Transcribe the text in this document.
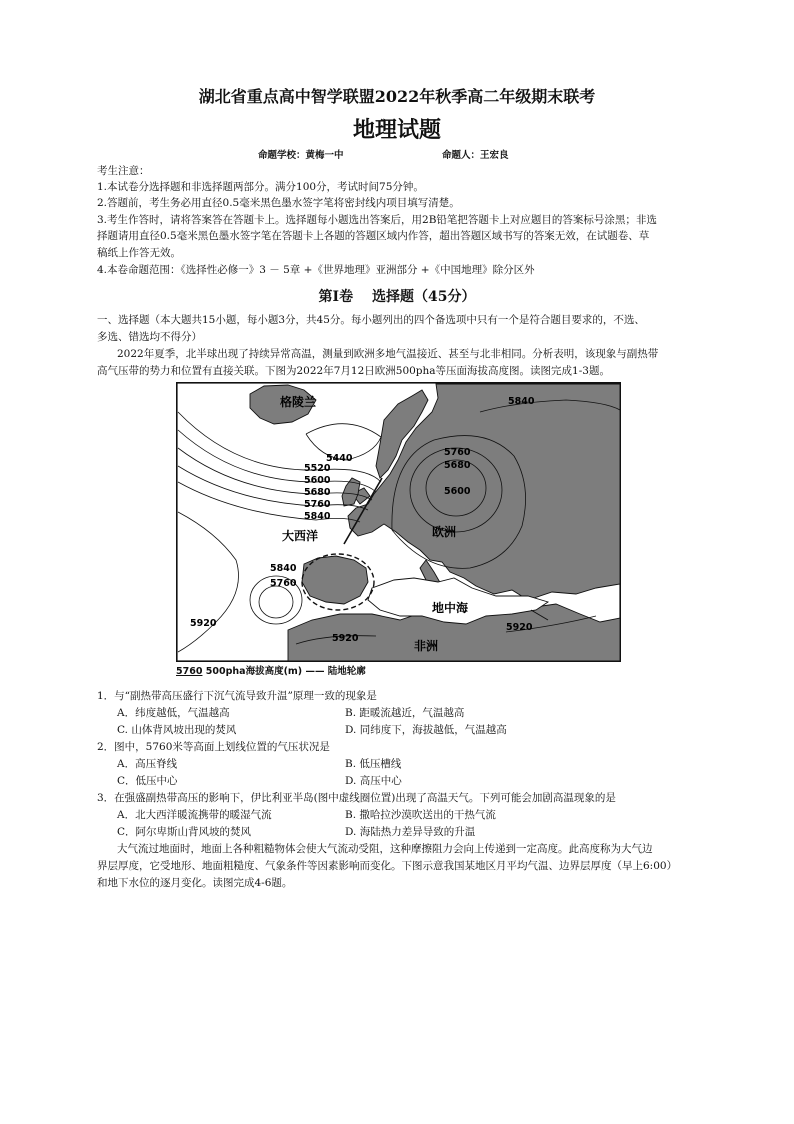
湖北省重点高中智学联盟2022年秋季高二年级期末联考
地理试题
命题学校：黄梅一中	命题人：王宏良
考生注意：
1.本试卷分选择题和非选择题两部分。满分100分，考试时间75分钟。
2.答题前，考生务必用直径0.5毫米黑色墨水签字笔将密封线内项目填写清楚。
3.考生作答时，请将答案答在答题卡上。选择题每小题选出答案后，用2B铅笔把答题卡上对应题目的答案标号涂黑；非选
择题请用直径0.5毫米黑色墨水签字笔在答题卡上各题的答题区域内作答，超出答题区域书写的答案无效，在试题卷、草
稿纸上作答无效。
4.本卷命题范围：《选择性必修一》3 － 5章 +《世界地理》亚洲部分 +《中国地理》除分区外
第Ⅰ卷　 选择题（45分）
一、选择题（本大题共15小题，每小题3分，共45分。每小题列出的四个备选项中只有一个是符合题目要求的，不选、
多选、错选均不得分）
2022年夏季，北半球出现了持续异常高温，测量到欧洲多地气温接近、甚至与北非相同。分析表明，该现象与副热带
高气压带的势力和位置有直接关联。下图为2022年7月12日欧洲500pha等压面海拔高度图。读图完成1-3题。
格陵兰
大西洋	欧洲
地中海
非洲
5440
5520
5600
5680
5760
5840
5760
5680
5600
5840
5840
5760
5920
5920
5920
5760 500pha海拔高度(m) —— 陆地轮廓
1．与“副热带高压盛行下沉气流导致升温”原理一致的现象是
A．纬度越低，气温越高	B. 距暖流越近，气温越高
C. 山体背风坡出现的焚风	D. 同纬度下，海拔越低，气温越高
2．图中，5760米等高面上划线位置的气压状况是
A．高压脊线	B. 低压槽线
C．低压中心	D. 高压中心
3．在强盛副热带高压的影响下，伊比利亚半岛(图中虚线圈位置)出现了高温天气。下列可能会加剧高温现象的是
A．北大西洋暖流携带的暖湿气流	B. 撒哈拉沙漠吹送出的干热气流
C．阿尔卑斯山背风坡的焚风	D. 海陆热力差异导致的升温
大气流过地面时，地面上各种粗糙物体会使大气流动受阻，这种摩擦阻力会向上传递到一定高度。此高度称为大气边
界层厚度，它受地形、地面粗糙度、气象条件等因素影响而变化。下图示意我国某地区月平均气温、边界层厚度（早上6:00）
和地下水位的逐月变化。读图完成4-6题。
